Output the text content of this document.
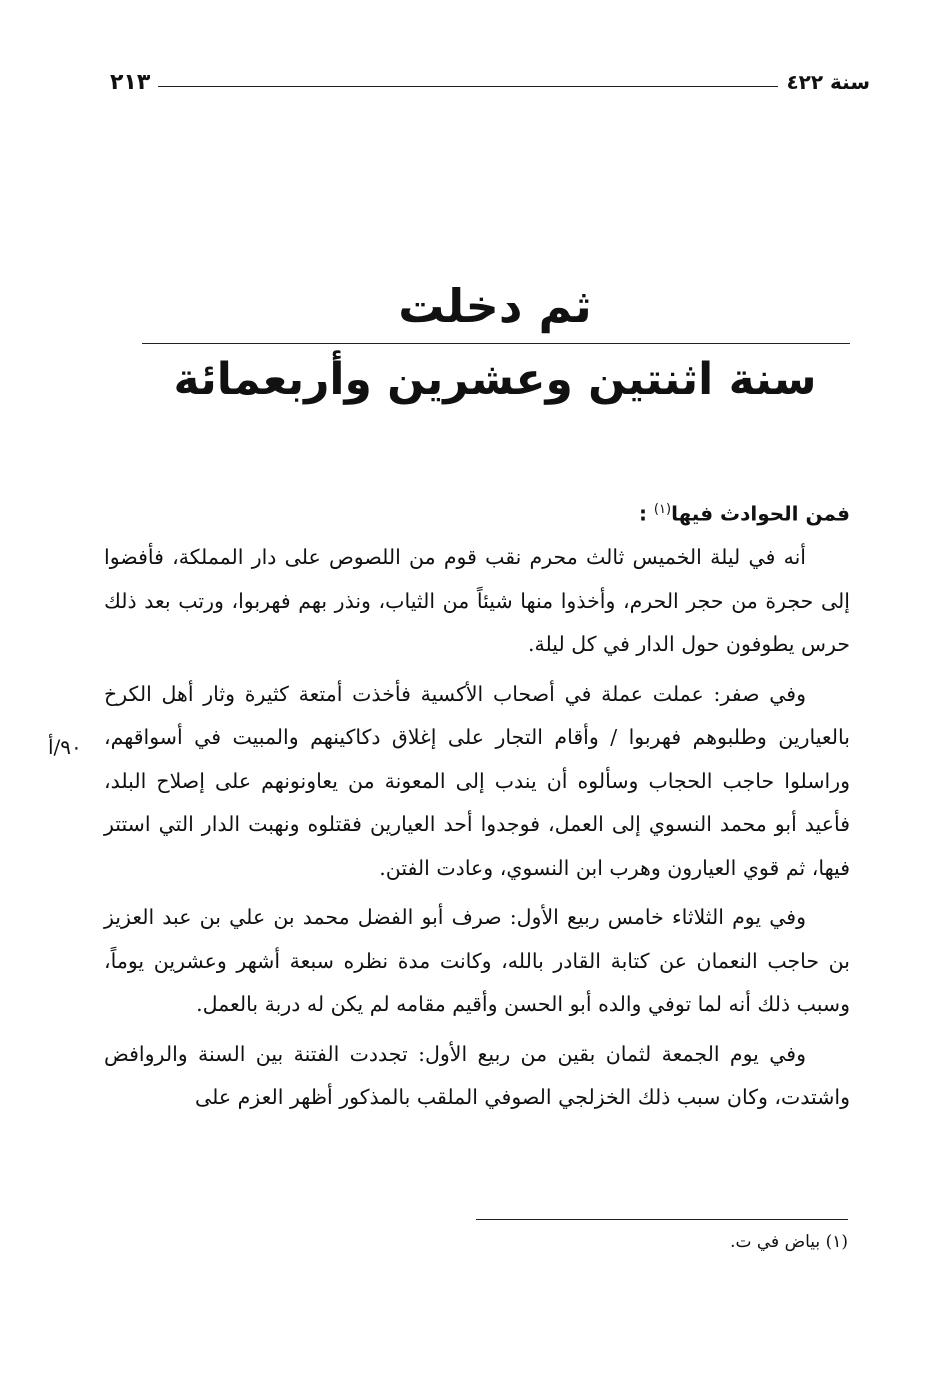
سنة ٤٢٢
٢١٣
ثم دخلت
سنة اثنتين وعشرين وأربعمائة

فمن الحوادث فيها$^{(١)}$ :

أنه في ليلة الخميس ثالث محرم نقب قوم من اللصوص على دار المملكة، فأفضوا إلى حجرة من حجر الحرم، وأخذوا منها شيئاً من الثياب، ونذر بهم فهربوا، ورتب بعد ذلك حرس يطوفون حول الدار في كل ليلة.

وفي صفر: عملت عملة في أصحاب الأكسية فأخذت أمتعة كثيرة وثار أهل الكرخ بالعيارين وطلبوهم فهربوا / وأقام التجار على إغلاق دكاكينهم والمبيت في أسواقهم، وراسلوا حاجب الحجاب وسألوه أن يندب إلى المعونة من يعاونونهم على إصلاح البلد، فأعيد أبو محمد النسوي إلى العمل، فوجدوا أحد العيارين فقتلوه ونهبت الدار التي استتر فيها، ثم قوي العيارون وهرب ابن النسوي، وعادت الفتن.

وفي يوم الثلاثاء خامس ربيع الأول: صرف أبو الفضل محمد بن علي بن عبد العزيز بن حاجب النعمان عن كتابة القادر بالله، وكانت مدة نظره سبعة أشهر وعشرين يوماً، وسبب ذلك أنه لما توفي والده أبو الحسن وأقيم مقامه لم يكن له دربة بالعمل.

وفي يوم الجمعة لثمان بقين من ربيع الأول: تجددت الفتنة بين السنة والروافض واشتدت، وكان سبب ذلك الخزلجي الصوفي الملقب بالمذكور أظهر العزم على

٩٠/أ
(١) بياض في ت.
